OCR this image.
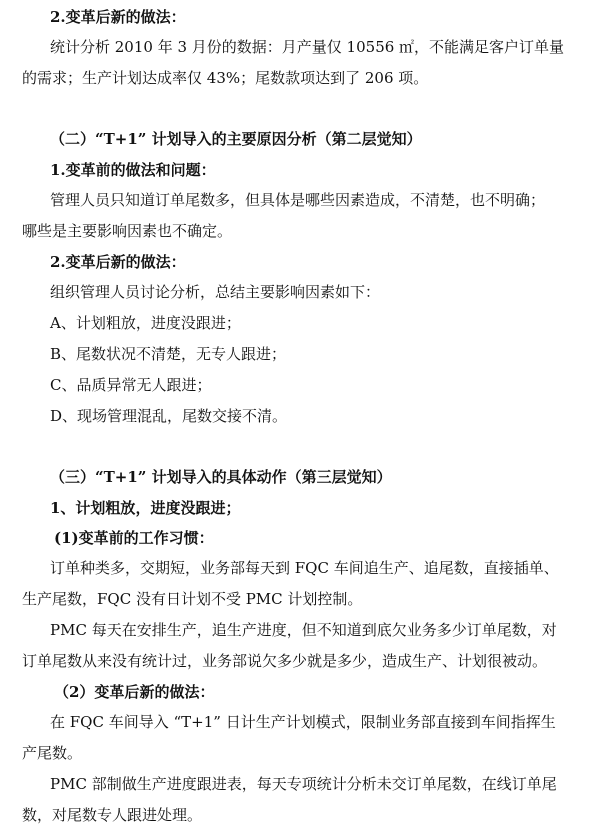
2.变革后新的做法：

统计分析 2010 年 3 月份的数据：月产量仅 10556 ㎡，不能满足客户订单量

的需求；生产计划达成率仅 43%；尾数款项达到了 206 项。

（二）“T+1” 计划导入的主要原因分析（第二层觉知）

1.变革前的做法和问题：

管理人员只知道订单尾数多，但具体是哪些因素造成，不清楚，也不明确；

哪些是主要影响因素也不确定。

2.变革后新的做法：

组织管理人员讨论分析，总结主要影响因素如下：

A、计划粗放，进度没跟进；

B、尾数状况不清楚，无专人跟进；

C、品质异常无人跟进；

D、现场管理混乱，尾数交接不清。

（三）“T+1” 计划导入的具体动作（第三层觉知）

1、计划粗放，进度没跟进；

(1)变革前的工作习惯：

订单种类多，交期短，业务部每天到 FQC 车间追生产、追尾数，直接插单、

生产尾数，FQC 没有日计划不受 PMC 计划控制。

PMC 每天在安排生产，追生产进度，但不知道到底欠业务多少订单尾数，对

订单尾数从来没有统计过，业务部说欠多少就是多少，造成生产、计划很被动。

（2）变革后新的做法：

在 FQC 车间导入 “T+1” 日计生产计划模式，限制业务部直接到车间指挥生

产尾数。

PMC 部制做生产进度跟进表，每天专项统计分析未交订单尾数，在线订单尾

数，对尾数专人跟进处理。
